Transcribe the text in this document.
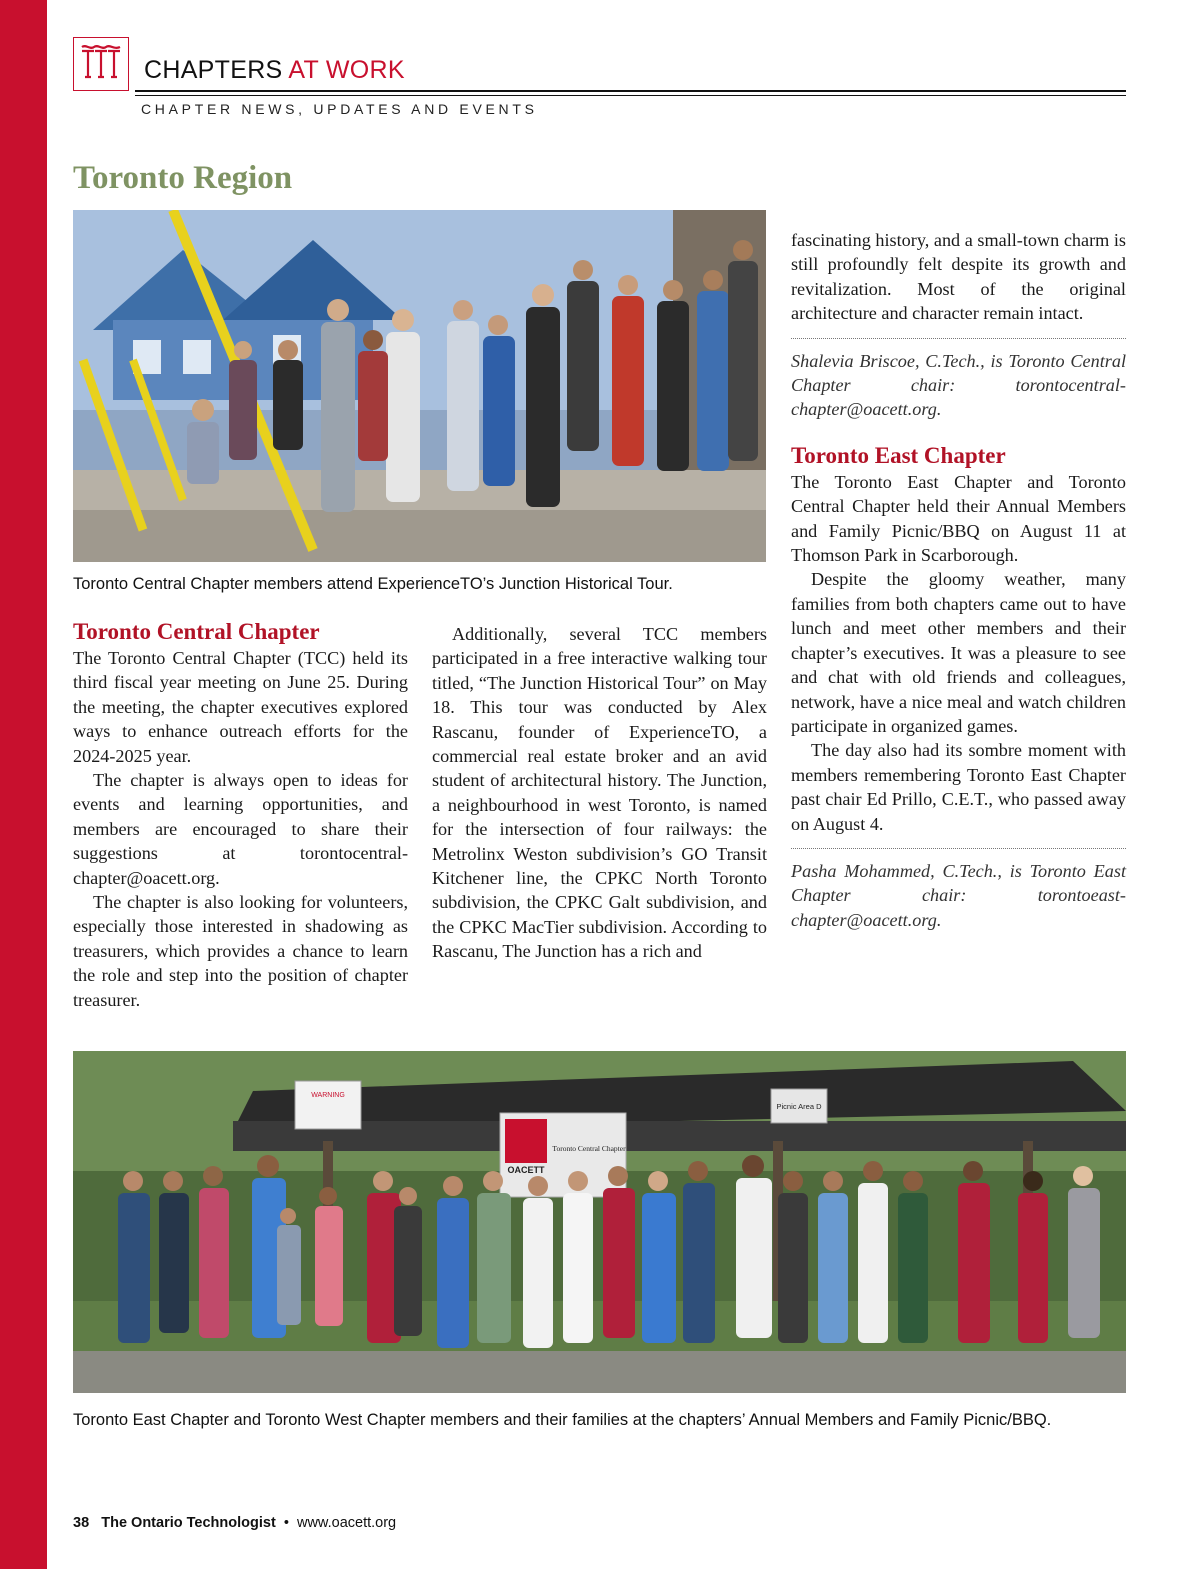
CHAPTERS AT WORK
CHAPTER NEWS, UPDATES AND EVENTS
Toronto Region
Toronto Central Chapter members attend ExperienceTO’s Junction Historical Tour.
Toronto Central Chapter

The Toronto Central Chapter (TCC) held its third fiscal year meeting on June 25. During the meeting, the chapter executives explored ways to enhance outreach efforts for the 2024-2025 year.

The chapter is always open to ideas for events and learning opportunities, and members are encouraged to share their suggestions at torontocentral-chapter@oacett.org.

The chapter is also looking for volunteers, especially those interested in shadowing as treasurers, which provides a chance to learn the role and step into the position of chapter treasurer.

Additionally, several TCC members participated in a free interactive walking tour titled, “The Junction Historical Tour” on May 18. This tour was conducted by Alex Rascanu, founder of ExperienceTO, a commercial real estate broker and an avid student of architectural history. The Junction, a neighbourhood in west Toronto, is named for the intersection of four railways: the Metrolinx Weston subdivision’s GO Transit Kitchener line, the CPKC North Toronto subdivision, the CPKC Galt subdivision, and the CPKC MacTier subdivision. According to Rascanu, The Junction has a rich and

fascinating history, and a small-town charm is still profoundly felt despite its growth and revitalization. Most of the original architecture and character remain intact.

Shalevia Briscoe, C.Tech., is Toronto Central Chapter chair: torontocentral-chapter@oacett.org.

Toronto East Chapter

The Toronto East Chapter and Toronto Central Chapter held their Annual Members and Family Picnic/BBQ on August 11 at Thomson Park in Scarborough.

Despite the gloomy weather, many families from both chapters came out to have lunch and meet other members and their chapter’s executives. It was a pleasure to see and chat with old friends and colleagues, network, have a nice meal and watch children participate in organized games.

The day also had its sombre moment with members remembering Toronto East Chapter past chair Ed Prillo, C.E.T., who passed away on August 4.

Pasha Mohammed, C.Tech., is Toronto East Chapter chair: torontoeast-chapter@oacett.org.

WARNING
Picnic Area D
OACETT
Toronto Central Chapter
Toronto East Chapter and Toronto West Chapter members and their families at the chapters’ Annual Members and Family Picnic/BBQ.
38 The Ontario Technologist • www.oacett.org
